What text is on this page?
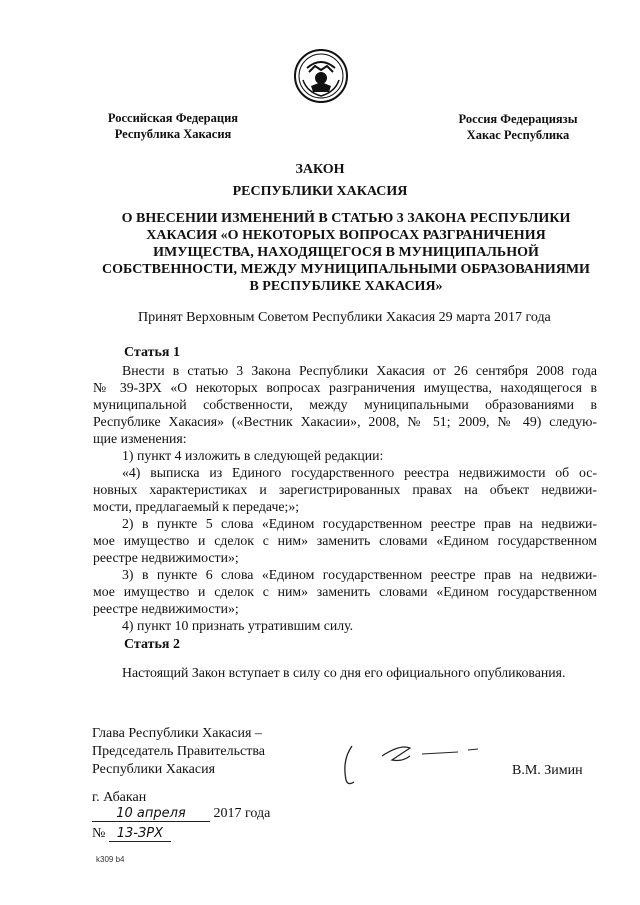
Российская Федерация
Республика Хакасия
Россия Федерациязы
Хакас Республика
ЗАКОН
РЕСПУБЛИКИ ХАКАСИЯ
О ВНЕСЕНИИ ИЗМЕНЕНИЙ В СТАТЬЮ 3 ЗАКОНА РЕСПУБЛИКИ
ХАКАСИЯ «О НЕКОТОРЫХ ВОПРОСАХ РАЗГРАНИЧЕНИЯ
ИМУЩЕСТВА, НАХОДЯЩЕГОСЯ В МУНИЦИПАЛЬНОЙ
СОБСТВЕННОСТИ, МЕЖДУ МУНИЦИПАЛЬНЫМИ ОБРАЗОВАНИЯМИ
В РЕСПУБЛИКЕ ХАКАСИЯ»
Принят Верховным Советом Республики Хакасия 29 марта 2017 года
Статья 1
Внести в статью 3 Закона Республики Хакасия от 26 сентября 2008 года
№ 39-ЗРХ «О некоторых вопросах разграничения имущества, находящегося в
муниципальной собственности, между муниципальными образованиями в
Республике Хакасия» («Вестник Хакасии», 2008, № 51; 2009, № 49) следую-
щие изменения:
1) пункт 4 изложить в следующей редакции:
«4) выписка из Единого государственного реестра недвижимости об ос-
новных характеристиках и зарегистрированных правах на объект недвижи-
мости, предлагаемый к передаче;»;
2) в пункте 5 слова «Едином государственном реестре прав на недвижи-
мое имущество и сделок с ним» заменить словами «Едином государственном
реестре недвижимости»;
3) в пункте 6 слова «Едином государственном реестре прав на недвижи-
мое имущество и сделок с ним» заменить словами «Едином государственном
реестре недвижимости»;
4) пункт 10 признать утратившим силу.
Статья 2
Настоящий Закон вступает в силу со дня его официального опубликования.
Глава Республики Хакасия –
Председатель Правительства
Республики Хакасия	В.М. Зимин
г. Абакан
10 апреля 2017 года
№ 13-ЗРХ
k309 b4
